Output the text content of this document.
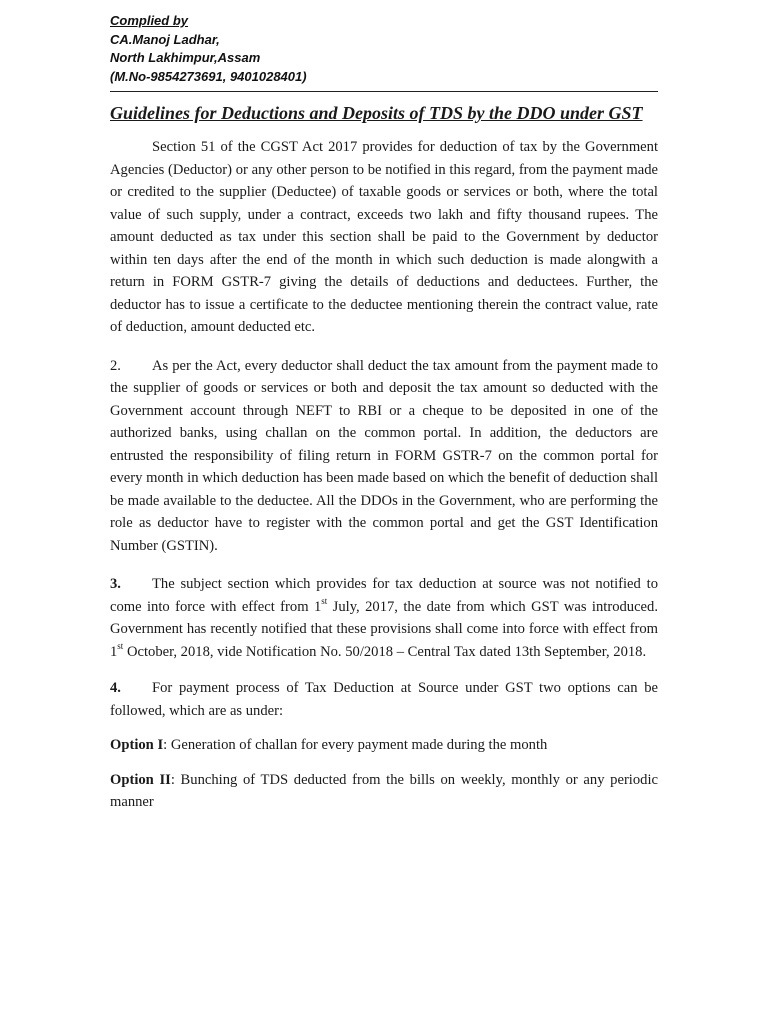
Complied by
CA.Manoj Ladhar,
North Lakhimpur,Assam
(M.No-9854273691, 9401028401)
Guidelines for Deductions and Deposits of TDS by the DDO under GST

Section 51 of the CGST Act 2017 provides for deduction of tax by the Government Agencies (Deductor) or any other person to be notified in this regard, from the payment made or credited to the supplier (Deductee) of taxable goods or services or both, where the total value of such supply, under a contract, exceeds two lakh and fifty thousand rupees. The amount deducted as tax under this section shall be paid to the Government by deductor within ten days after the end of the month in which such deduction is made alongwith a return in FORM GSTR-7 giving the details of deductions and deductees. Further, the deductor has to issue a certificate to the deductee mentioning therein the contract value, rate of deduction, amount deducted etc.

2. As per the Act, every deductor shall deduct the tax amount from the payment made to the supplier of goods or services or both and deposit the tax amount so deducted with the Government account through NEFT to RBI or a cheque to be deposited in one of the authorized banks, using challan on the common portal. In addition, the deductors are entrusted the responsibility of filing return in FORM GSTR-7 on the common portal for every month in which deduction has been made based on which the benefit of deduction shall be made available to the deductee. All the DDOs in the Government, who are performing the role as deductor have to register with the common portal and get the GST Identification Number (GSTIN).

3. The subject section which provides for tax deduction at source was not notified to come into force with effect from 1st July, 2017, the date from which GST was introduced. Government has recently notified that these provisions shall come into force with effect from 1st October, 2018, vide Notification No. 50/2018 – Central Tax dated 13th September, 2018.

4. For payment process of Tax Deduction at Source under GST two options can be followed, which are as under:

Option I: Generation of challan for every payment made during the month

Option II: Bunching of TDS deducted from the bills on weekly, monthly or any periodic manner
